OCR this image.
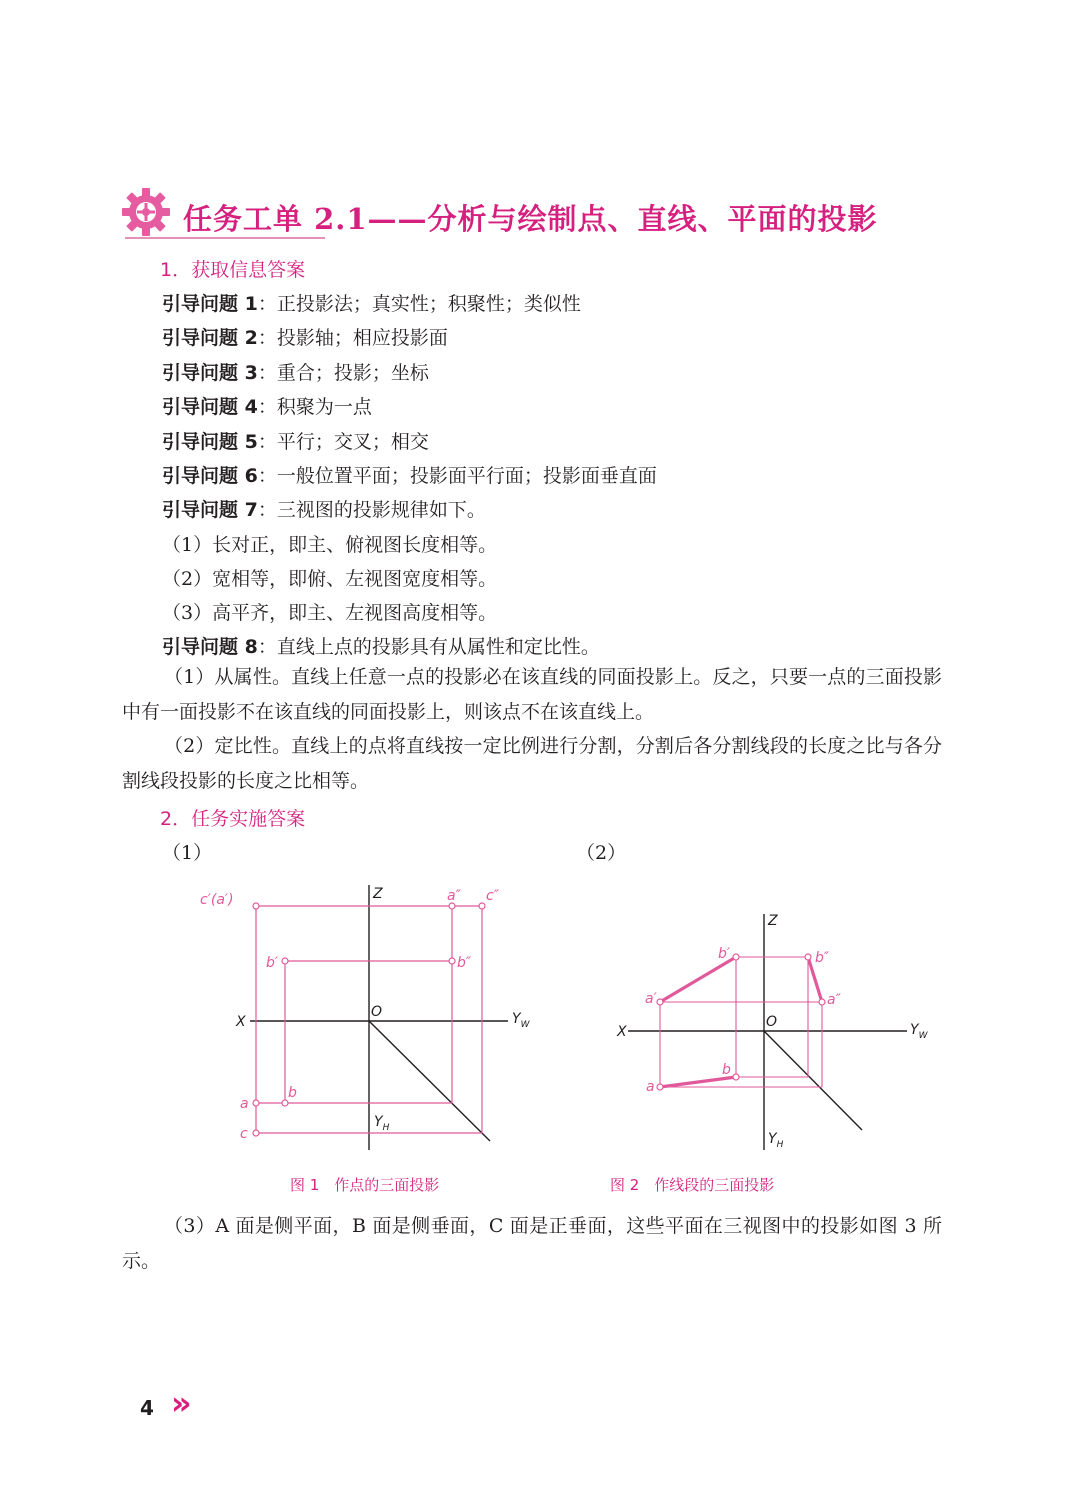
任务工单 2.1——分析与绘制点、直线、平面的投影
1．获取信息答案
引导问题 1：正投影法；真实性；积聚性；类似性
引导问题 2：投影轴；相应投影面
引导问题 3：重合；投影；坐标
引导问题 4：积聚为一点
引导问题 5：平行；交叉；相交
引导问题 6：一般位置平面；投影面平行面；投影面垂直面
引导问题 7：三视图的投影规律如下。
（1）长对正，即主、俯视图长度相等。
（2）宽相等，即俯、左视图宽度相等。
（3）高平齐，即主、左视图高度相等。
引导问题 8：直线上点的投影具有从属性和定比性。
（1）从属性。直线上任意一点的投影必在该直线的同面投影上。反之，只要一点的三面投影中有一面投影不在该直线的同面投影上，则该点不在该直线上。
（2）定比性。直线上的点将直线按一定比例进行分割，分割后各分割线段的长度之比与各分割线段投影的长度之比相等。
2．任务实施答案
（1）	（2）
c′(a′)	Z	a″ c″
b′	b″
X
O	$Y_W$
a
b
c
$Y_H$
图 1　作点的三面投影
Z
b′	b″
a′	a″
X
O	$Y_W$
b
a
$Y_H$
图 2　作线段的三面投影
（3）A 面是侧平面，B 面是侧垂面，C 面是正垂面，这些平面在三视图中的投影如图 3 所示。
4 »
